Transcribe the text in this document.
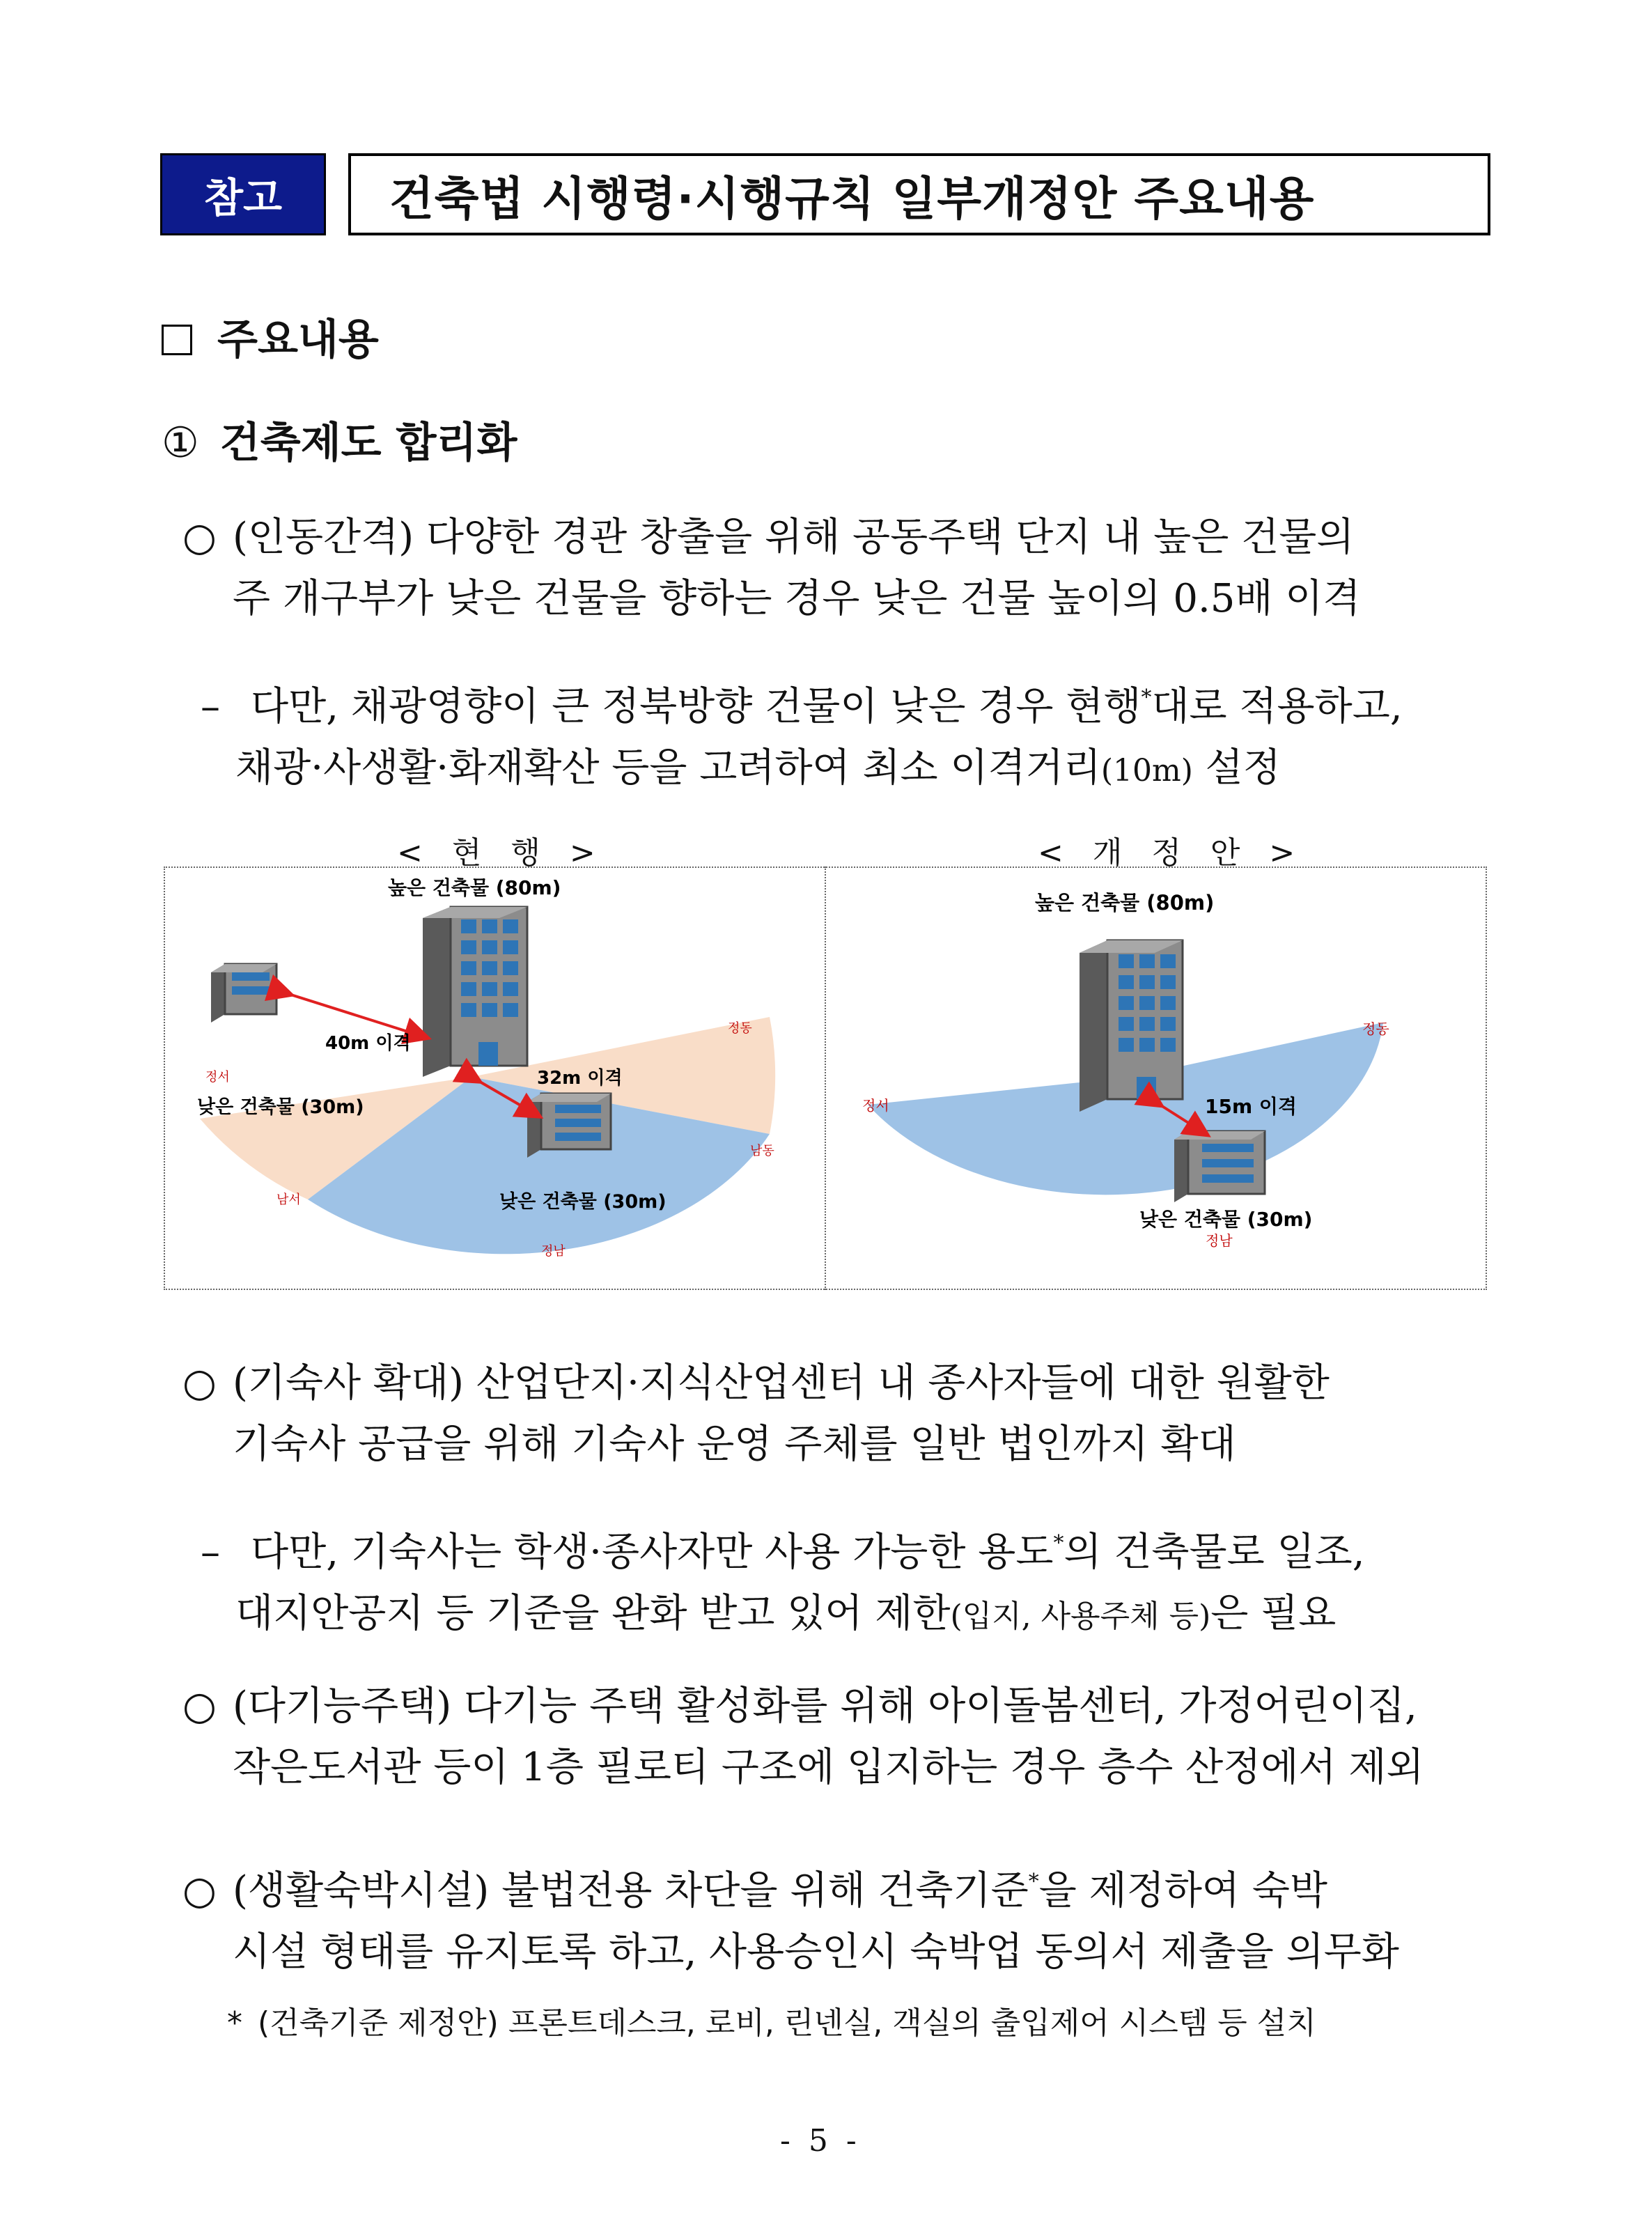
참고	건축법 시행령·시행규칙 일부개정안 주요내용
주요내용
① 건축제도 합리화
○ (인동간격) 다양한 경관 창출을 위해 공동주택 단지 내 높은 건물의
주 개구부가 낮은 건물을 향하는 경우 낮은 건물 높이의 0.5배 이격
– 다만, 채광영향이 큰 정북방향 건물이 낮은 경우 현행*대로 적용하고,
채광·사생활·화재확산 등을 고려하여 최소 이격거리(10m) 설정
< 현 행 >	< 개 정 안 >
높은 건축물 (80m)
40m 이격
32m 이격
낮은 건축물 (30m)
낮은 건축물 (30m)
정동
정서
남동
남서
정남
높은 건축물 (80m)
15m 이격
낮은 건축물 (30m)
정동
정서
정남
○ (기숙사 확대) 산업단지·지식산업센터 내 종사자들에 대한 원활한
기숙사 공급을 위해 기숙사 운영 주체를 일반 법인까지 확대
– 다만, 기숙사는 학생·종사자만 사용 가능한 용도*의 건축물로 일조,
대지안공지 등 기준을 완화 받고 있어 제한(입지, 사용주체 등)은 필요
○ (다기능주택) 다기능 주택 활성화를 위해 아이돌봄센터, 가정어린이집,
작은도서관 등이 1층 필로티 구조에 입지하는 경우 층수 산정에서 제외
○ (생활숙박시설) 불법전용 차단을 위해 건축기준*을 제정하여 숙박
시설 형태를 유지토록 하고, 사용승인시 숙박업 동의서 제출을 의무화
* (건축기준 제정안) 프론트데스크, 로비, 린넨실, 객실의 출입제어 시스템 등 설치
- 5 -
